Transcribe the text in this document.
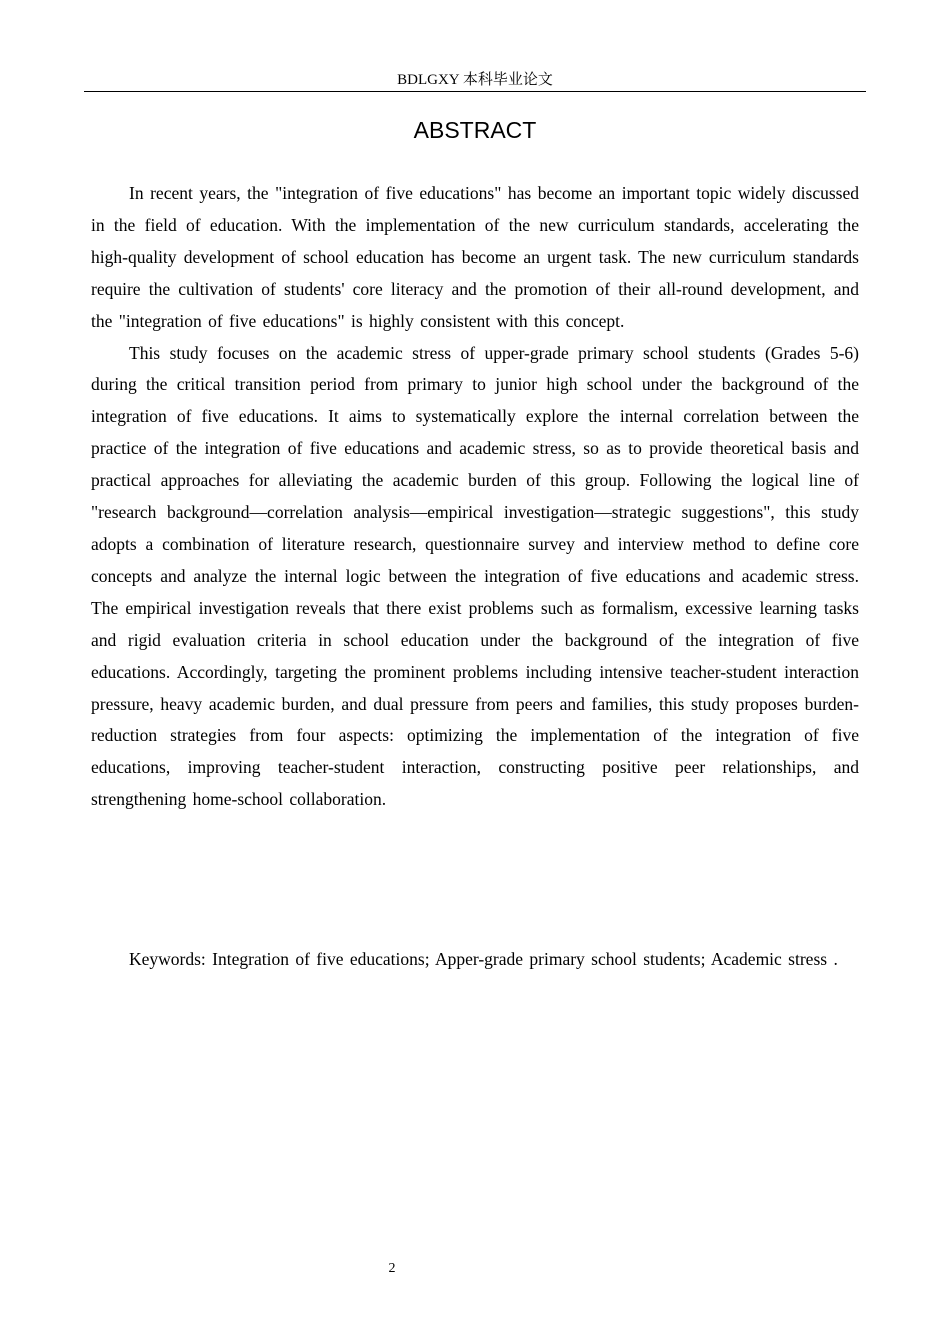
BDLGXY 本科毕业论文
ABSTRACT

In recent years, the "integration of five educations" has become an important topic widely discussed in the field of education. With the implementation of the new curriculum standards, accelerating the high-quality development of school education has become an urgent task. The new curriculum standards require the cultivation of students' core literacy and the promotion of their all-round development, and the "integration of five educations" is highly consistent with this concept.

This study focuses on the academic stress of upper-grade primary school students (Grades 5-6) during the critical transition period from primary to junior high school under the background of the integration of five educations. It aims to systematically explore the internal correlation between the practice of the integration of five educations and academic stress, so as to provide theoretical basis and practical approaches for alleviating the academic burden of this group. Following the logical line of "research background—correlation analysis—empirical investigation—strategic suggestions", this study adopts a combination of literature research, questionnaire survey and interview method to define core concepts and analyze the internal logic between the integration of five educations and academic stress. The empirical investigation reveals that there exist problems such as formalism, excessive learning tasks and rigid evaluation criteria in school education under the background of the integration of five educations. Accordingly, targeting the prominent problems including intensive teacher-student interaction pressure, heavy academic burden, and dual pressure from peers and families, this study proposes burden-reduction strategies from four aspects: optimizing the implementation of the integration of five educations, improving teacher-student interaction, constructing positive peer relationships, and strengthening home-school collaboration.

Keywords: Integration of five educations; Apper-grade primary school students; Academic stress .

2
